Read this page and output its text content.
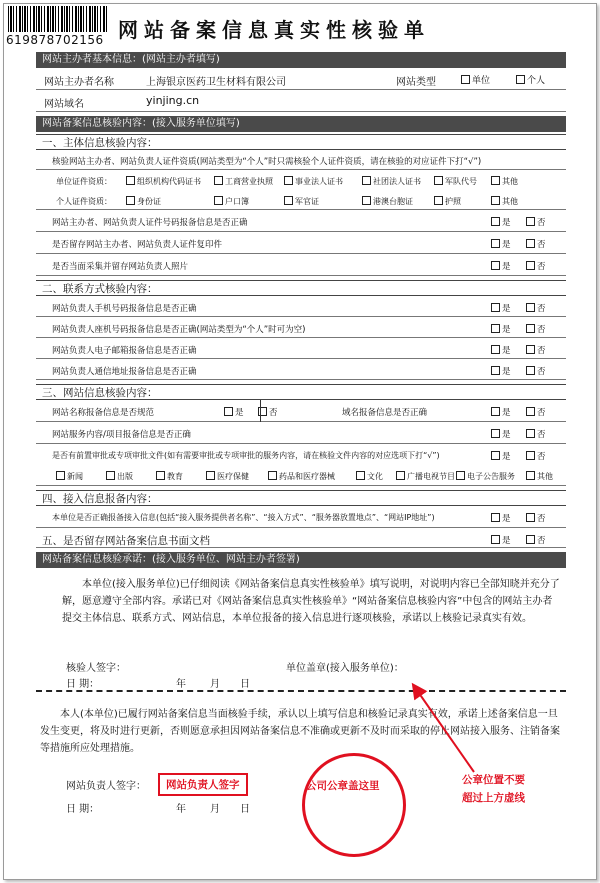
619878702156 网站备案信息真实性核验单
网站主办者基本信息：(网站主办者填写)
网站主办者名称	上海银京医药卫生材料有限公司	网站类型	单位	个人
网站域名	yinjing.cn
网站备案信息核验内容：(接入服务单位填写)
一、主体信息核验内容：
核验网站主办者、网站负责人证件资质(网站类型为“个人”时只需核验个人证件资质，请在核验的对应证件下打“√”)
单位证件资质：	组织机构代码证书	工商营业执照	事业法人证书	社团法人证书	军队代号	其他
个人证件资质：	身份证	户口簿	军官证	港澳台胞证	护照	其他
网站主办者、网站负责人证件号码报备信息是否正确	是	否
是否留存网站主办者、网站负责人证件复印件	是	否
是否当面采集并留存网站负责人照片	是	否
二、联系方式核验内容：
网站负责人手机号码报备信息是否正确	是	否
网站负责人座机号码报备信息是否正确(网站类型为“个人”时可为空)	是	否
网站负责人电子邮箱报备信息是否正确	是	否
网站负责人通信地址报备信息是否正确	是	否
三、网站信息核验内容：
网站名称报备信息是否规范	是	否	域名报备信息是否正确	是	否
网站服务内容/项目报备信息是否正确	是	否
是否有前置审批或专项审批文件(如有需要审批或专项审批的服务内容，请在核验文件内容的对应选项下打“√”)	是	否
新闻	出版	教育	医疗保健	药品和医疗器械	文化	广播电视节目	电子公告服务	其他
四、接入信息报备内容：
本单位是否正确报备接入信息(包括“接入服务提供者名称”、“接入方式”、“服务器放置地点”、“网站IP地址”)	是	否
五、是否留存网站备案信息书面文档	是	否
网站备案信息核验承诺：(接入服务单位、网站主办者签署)
本单位(接入服务单位)已仔细阅读《网站备案信息真实性核验单》填写说明，对说明内容已全部知晓并充分了解，愿意遵守全部内容。承诺已对《网站备案信息真实性核验单》“网站备案信息核验内容”中包含的网站主办者提交主体信息、联系方式、网站信息，本单位报备的接入信息进行逐项核验，承诺以上核验记录真实有效。
核验人签字：	单位盖章(接入服务单位)：
日 期：	年 月 日
本人(本单位)已履行网站备案信息当面核验手续，承认以上填写信息和核验记录真实有效，承诺上述备案信息一旦发生变更，将及时进行更新，否则愿意承担因网站备案信息不准确或更新不及时而采取的停止网站接入服务、注销备案等措施所应处理措施。
网站负责人签字：	网站负责人签字
日 期：	年 月 日
公司公章盖这里	公章位置不要
超过上方虚线
